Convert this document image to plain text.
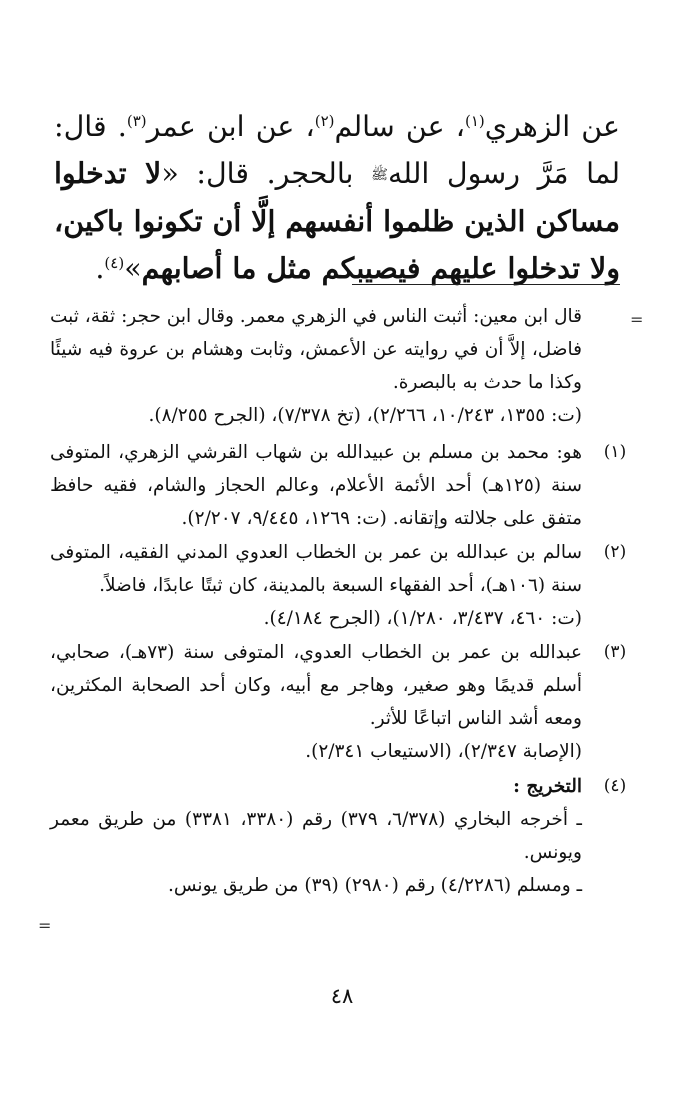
عن الزهري$^{(١)}$، عن سالم$^{(٢)}$، عن ابن عمر$^{(٣)}$. قال: لما مَرَّ رسول اللهﷺ بالحجر. قال: «لا تدخلوا مساكن الذين ظلموا أنفسهم إلَّا أن تكونوا باكين، ولا تدخلوا عليهم فيصيبكم مثل ما أصابهم»$^{(٤)}$.

=

قال ابن معين: أثبت الناس في الزهري معمر. وقال ابن حجر: ثقة، ثبت فاضل، إلاَّ أن في روايته عن الأعمش، وثابت وهشام بن عروة فيه شيئًا وكذا ما حدث به بالبصرة.

(ت: ١٣٥٥، ١٠/٢٤٣، ٢/٢٦٦)، (تخ ٧/٣٧٨)، (الجرح ٨/٢٥٥).

(١)

هو: محمد بن مسلم بن عبيدالله بن شهاب القرشي الزهري، المتوفى سنة (١٢٥هـ) أحد الأئمة الأعلام، وعالم الحجاز والشام، فقيه حافظ متفق على جلالته وإتقانه. (ت: ١٢٦٩، ٩/٤٤٥، ٢/٢٠٧).

(٢)

سالم بن عبدالله بن عمر بن الخطاب العدوي المدني الفقيه، المتوفى سنة (١٠٦هـ)، أحد الفقهاء السبعة بالمدينة، كان ثبتًا عابدًا، فاضلاً.

(ت: ٤٦٠، ٣/٤٣٧، ١/٢٨٠)، (الجرح ٤/١٨٤).

(٣)

عبدالله بن عمر بن الخطاب العدوي، المتوفى سنة (٧٣هـ)، صحابي، أسلم قديمًا وهو صغير، وهاجر مع أبيه، وكان أحد الصحابة المكثرين، ومعه أشد الناس اتباعًا للأثر.

(الإصابة ٢/٣٤٧)، (الاستيعاب ٢/٣٤١).

(٤)

التخريج :

ـ أخرجه البخاري (٦/٣٧٨، ٣٧٩) رقم (٣٣٨٠، ٣٣٨١) من طريق معمر ويونس.

ـ ومسلم (٤/٢٢٨٦) رقم (٢٩٨٠) (٣٩) من طريق يونس.

=
٤٨
